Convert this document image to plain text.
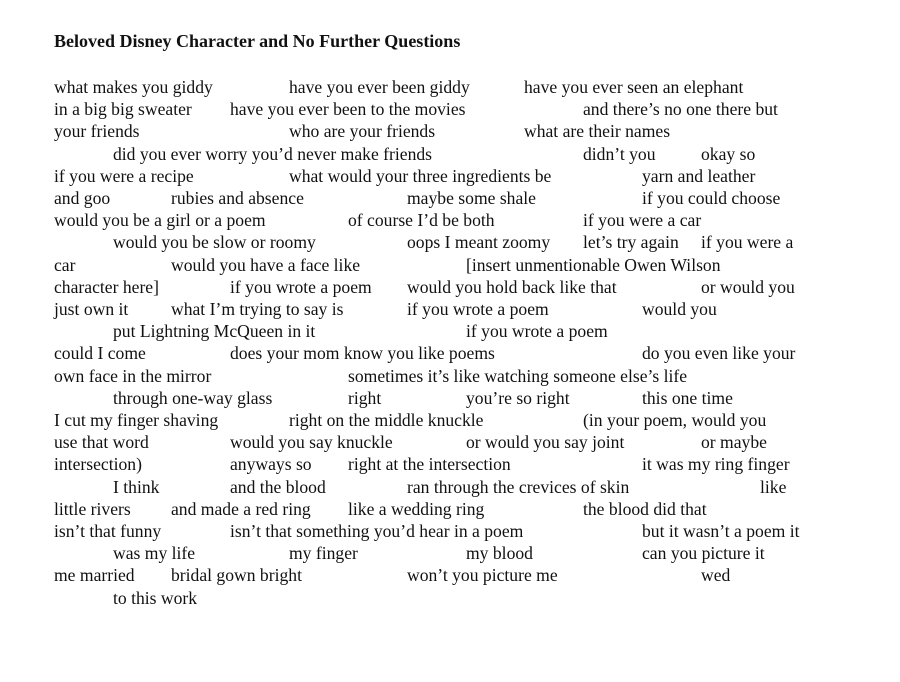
Beloved Disney Character and No Further Questions
what makes you giddy	have you ever been giddy	have you ever seen an elephant
in a big big sweater have you ever been to the movies	and there’s no one there but
your friends	who are your friends	what are their names
did you ever worry you’d never make friends	didn’t you	okay so
if you were a recipe	what would your three ingredients be	yarn and leather
and goo	rubies and absence	maybe some shale	if you could choose
would you be a girl or a poem	of course I’d be both	if you were a car
would you be slow or roomy	oops I meant zoomy let’s try again if you were a
car	would you have a face like	[insert unmentionable Owen Wilson
character here]	if you wrote a poem would you hold back like that	or would you
just own it what I’m trying to say is	if you wrote a poem	would you
put Lightning McQueen in it	if you wrote a poem
could I come	does your mom know you like poems	do you even like your
own face in the mirror	sometimes it’s like watching someone else’s life
through one-way glass	right	you’re so right	this one time
I cut my finger shaving	right on the middle knuckle	(in your poem, would you
use that word	would you say knuckle	or would you say joint	or maybe
intersection)	anyways so right at the intersection	it was my ring finger
I think	and the blood	ran through the crevices of skin	like
little rivers and made a red ring like a wedding ring	the blood did that
isn’t that funny	isn’t that something you’d hear in a poem	but it wasn’t a poem it
was my life	my finger	my blood	can you picture it
me married bridal gown bright	won’t you picture me	wed
to this work
